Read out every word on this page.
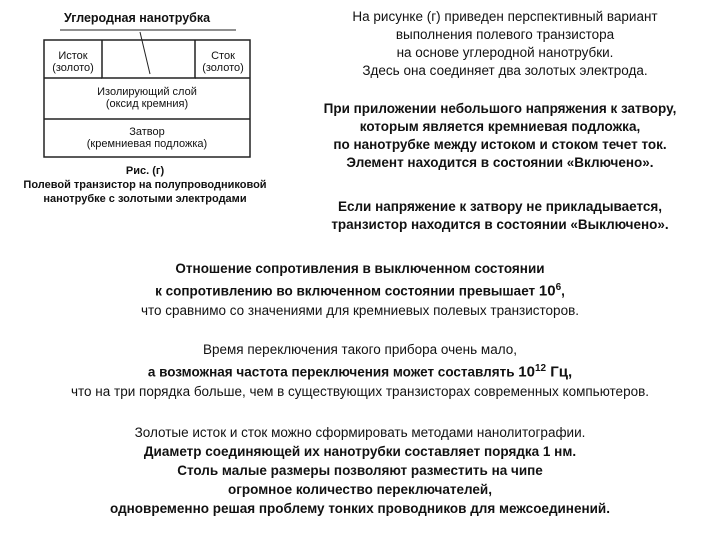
Углеродная нанотрубка
Исток
(золото)
Сток
(золото)
Изолирующий слой
(оксид кремния)
Затвор
(кремниевая подложка)
Рис. (г)
Полевой транзистор на полупроводниковой
нанотрубке с золотыми электродами
На рисунке (г) приведен перспективный вариант
выполнения полевого транзистора
на основе углеродной нанотрубки.
Здесь она соединяет два золотых электрода.
При приложении небольшого напряжения к затвору,
которым является кремниевая подложка,
по нанотрубке между истоком и стоком течет ток.
Элемент находится в состоянии «Включено».
Если напряжение к затвору не прикладывается,
транзистор находится в состоянии «Выключено».
Отношение сопротивления в выключенном состоянии
к сопротивлению во включенном состоянии превышает $10^6$,
что сравнимо со значениями для кремниевых полевых транзисторов.
Время переключения такого прибора очень мало,
а возможная частота переключения может составлять $10^{12}$ Гц,
что на три порядка больше, чем в существующих транзисторах современных компьютеров.
Золотые исток и сток можно сформировать методами нанолитографии.
Диаметр соединяющей их нанотрубки составляет порядка 1 нм.
Столь малые размеры позволяют разместить на чипе
огромное количество переключателей,
одновременно решая проблему тонких проводников для межсоединений.
